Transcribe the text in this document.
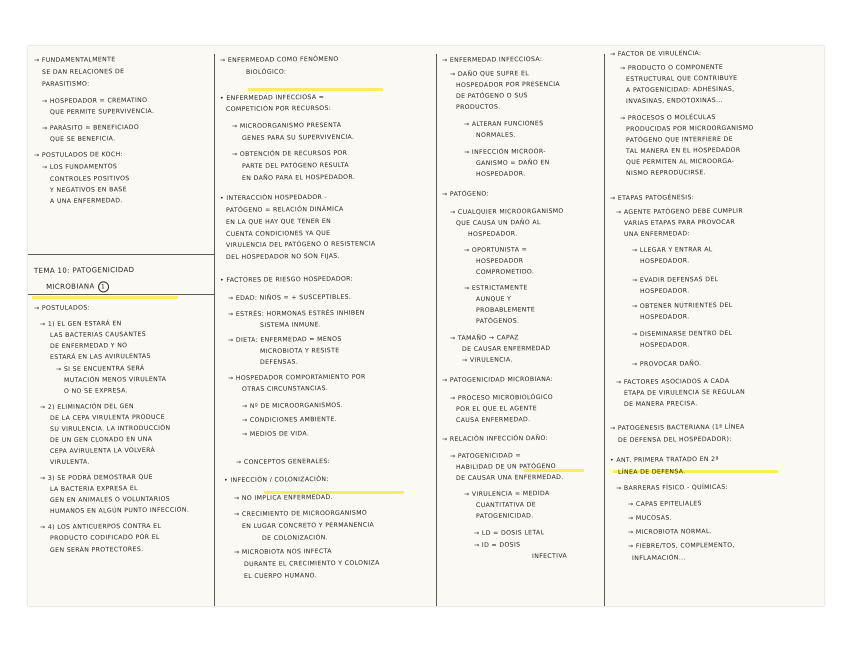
→ FUNDAMENTALMENTE
SE DAN RELACIONES DE
PARASITISMO:
→ HOSPEDADOR = CREMATINO
QUE PERMITE SUPERVIVENCIA.
→ PARÁSITO = BENEFICIADO
QUE SE BENEFICIA.
→ POSTULADOS DE KOCH:
→ LOS FUNDAMENTOS
CONTROLES POSITIVOS
Y NEGATIVOS EN BASE
A UNA ENFERMEDAD.
TEMA 10: PATOGENICIDAD
MICROBIANA 1
→ POSTULADOS:
→ 1) EL GEN ESTARÁ EN
LAS BACTERIAS CAUSANTES
DE ENFERMEDAD Y NO
ESTARÁ EN LAS AVIRULENTAS
→ SI SE ENCUENTRA SERÁ
MUTACIÓN MENOS VIRULENTA
O NO SE EXPRESA.
→ 2) ELIMINACIÓN DEL GEN
DE LA CEPA VIRULENTA PRODUCE
SU VIRULENCIA. LA INTRODUCCIÓN
DE UN GEN CLONADO EN UNA
CEPA AVIRULENTA LA VOLVERÁ
VIRULENTA.
→ 3) SE PODRÁ DEMOSTRAR QUE
LA BACTERIA EXPRESA EL
GEN EN ANIMALES O VOLUNTARIOS
HUMANOS EN ALGÚN PUNTO INFECCIÓN.
→ 4) LOS ANTICUERPOS CONTRA EL
PRODUCTO CODIFICADO POR EL
GEN SERÁN PROTECTORES.
→ ENFERMEDAD COMO FENÓMENO
BIOLÓGICO:
• ENFERMEDAD INFECCIOSA =
COMPETICIÓN POR RECURSOS:
→ MICROORGANISMO PRESENTA
GENES PARA SU SUPERVIVENCIA.
→ OBTENCIÓN DE RECURSOS POR
PARTE DEL PATÓGENO RESULTA
EN DAÑO PARA EL HOSPEDADOR.
• INTERACCIÓN HOSPEDADOR -
PATÓGENO = RELACIÓN DINÁMICA
EN LA QUE HAY QUE TENER EN
CUENTA CONDICIONES YA QUE
VIRULENCIA DEL PATÓGENO O RESISTENCIA
DEL HOSPEDADOR NO SON FIJAS.
• FACTORES DE RIESGO HOSPEDADOR:
→ EDAD: NIÑOS = + SUSCEPTIBLES.
→ ESTRÉS: HORMONAS ESTRÉS INHIBEN
SISTEMA INMUNE.
→ DIETA: ENFERMEDAD = MENOS
MICROBIOTA Y RESISTE
DEFENSAS.
→ HOSPEDADOR COMPORTAMIENTO POR
OTRAS CIRCUNSTANCIAS.
→ Nº DE MICROORGANISMOS.
→ CONDICIONES AMBIENTE.
→ MEDIOS DE VIDA.
→ CONCEPTOS GENERALES:
• INFECCIÓN / COLONIZACIÓN:
→ NO IMPLICA ENFERMEDAD.
→ CRECIMIENTO DE MICROORGANISMO
EN LUGAR CONCRETO Y PERMANENCIA
DE COLONIZACIÓN.
→ MICROBIOTA NOS INFECTA
DURANTE EL CRECIMIENTO Y COLONIZA
EL CUERPO HUMANO.
→ ENFERMEDAD INFECCIOSA:
→ DAÑO QUE SUFRE EL
HOSPEDADOR POR PRESENCIA
DE PATÓGENO O SUS
PRODUCTOS.
→ ALTERAN FUNCIONES
NORMALES.
→ INFECCIÓN MICROOR-
GANISMO = DAÑO EN
HOSPEDADOR.
→ PATÓGENO:
→ CUALQUIER MICROORGANISMO
QUE CAUSA UN DAÑO AL
HOSPEDADOR.
→ OPORTUNISTA =
HOSPEDADOR
COMPROMETIDO.
→ ESTRICTAMENTE
AUNQUE Y
PROBABLEMENTE
PATÓGENOS.
→ TAMAÑO → CAPAZ
DE CAUSAR ENFERMEDAD
→ VIRULENCIA.
→ PATOGENICIDAD MICROBIANA:
→ PROCESO MICROBIOLÓGICO
POR EL QUE EL AGENTE
CAUSA ENFERMEDAD.
→ RELACIÓN INFECCIÓN DAÑO:
→ PATOGENICIDAD =
HABILIDAD DE UN PATÓGENO
DE CAUSAR UNA ENFERMEDAD.
→ VIRULENCIA = MEDIDA
CUANTITATIVA DE
PATOGENICIDAD.
→ LD = DOSIS LETAL
→ ID = DOSIS
INFECTIVA
→ FACTOR DE VIRULENCIA:
→ PRODUCTO O COMPONENTE
ESTRUCTURAL QUE CONTRIBUYE
A PATOGENICIDAD: ADHESINAS,
INVASINAS, ENDOTOXINAS...
→ PROCESOS O MOLÉCULAS
PRODUCIDAS POR MICROORGANISMO
PATÓGENO QUE INTERFIERE DE
TAL MANERA EN EL HOSPEDADOR
QUE PERMITEN AL MICROORGA-
NISMO REPRODUCIRSE.
→ ETAPAS PATOGÉNESIS:
→ AGENTE PATÓGENO DEBE CUMPLIR
VARIAS ETAPAS PARA PROVOCAR
UNA ENFERMEDAD:
→ LLEGAR Y ENTRAR AL
HOSPEDADOR.
→ EVADIR DEFENSAS DEL
HOSPEDADOR.
→ OBTENER NUTRIENTES DEL
HOSPEDADOR.
→ DISEMINARSE DENTRO DEL
HOSPEDADOR.
→ PROVOCAR DAÑO.
→ FACTORES ASOCIADOS A CADA
ETAPA DE VIRULENCIA SE REGULAN
DE MANERA PRECISA.
→ PATOGÉNESIS BACTERIANA (1ª LÍNEA
DE DEFENSA DEL HOSPEDADOR):
• ANT. PRIMERA TRATADO EN 2ª
LÍNEA DE DEFENSA.
→ BARRERAS FÍSICO - QUÍMICAS:
→ CAPAS EPITELIALES
→ MUCOSAS.
→ MICROBIOTA NORMAL.
→ FIEBRE/TOS, COMPLEMENTO,
INFLAMACIÓN...
